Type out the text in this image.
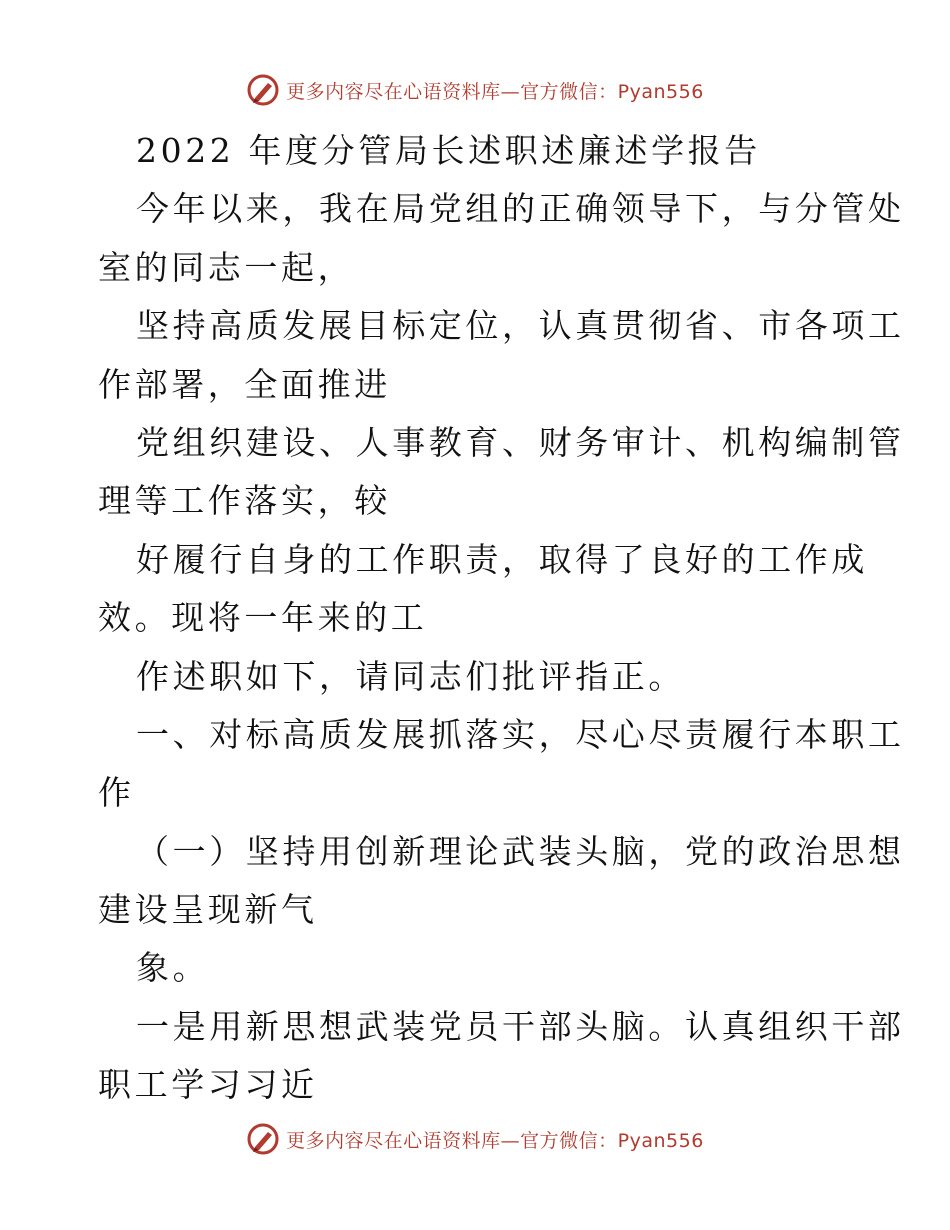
更多内容尽在心语资料库—官方微信：Pyan556
2022 年度分管局长述职述廉述学报告
今年以来，我在局党组的正确领导下，与分管处
室的同志一起，
坚持高质发展目标定位，认真贯彻省、市各项工
作部署，全面推进
党组织建设、人事教育、财务审计、机构编制管
理等工作落实，较
好履行自身的工作职责，取得了良好的工作成
效。现将一年来的工
作述职如下，请同志们批评指正。
一、对标高质发展抓落实，尽心尽责履行本职工
作
（一）坚持用创新理论武装头脑，党的政治思想
建设呈现新气
象。
一是用新思想武装党员干部头脑。认真组织干部
职工学习习近
更多内容尽在心语资料库—官方微信：Pyan556
